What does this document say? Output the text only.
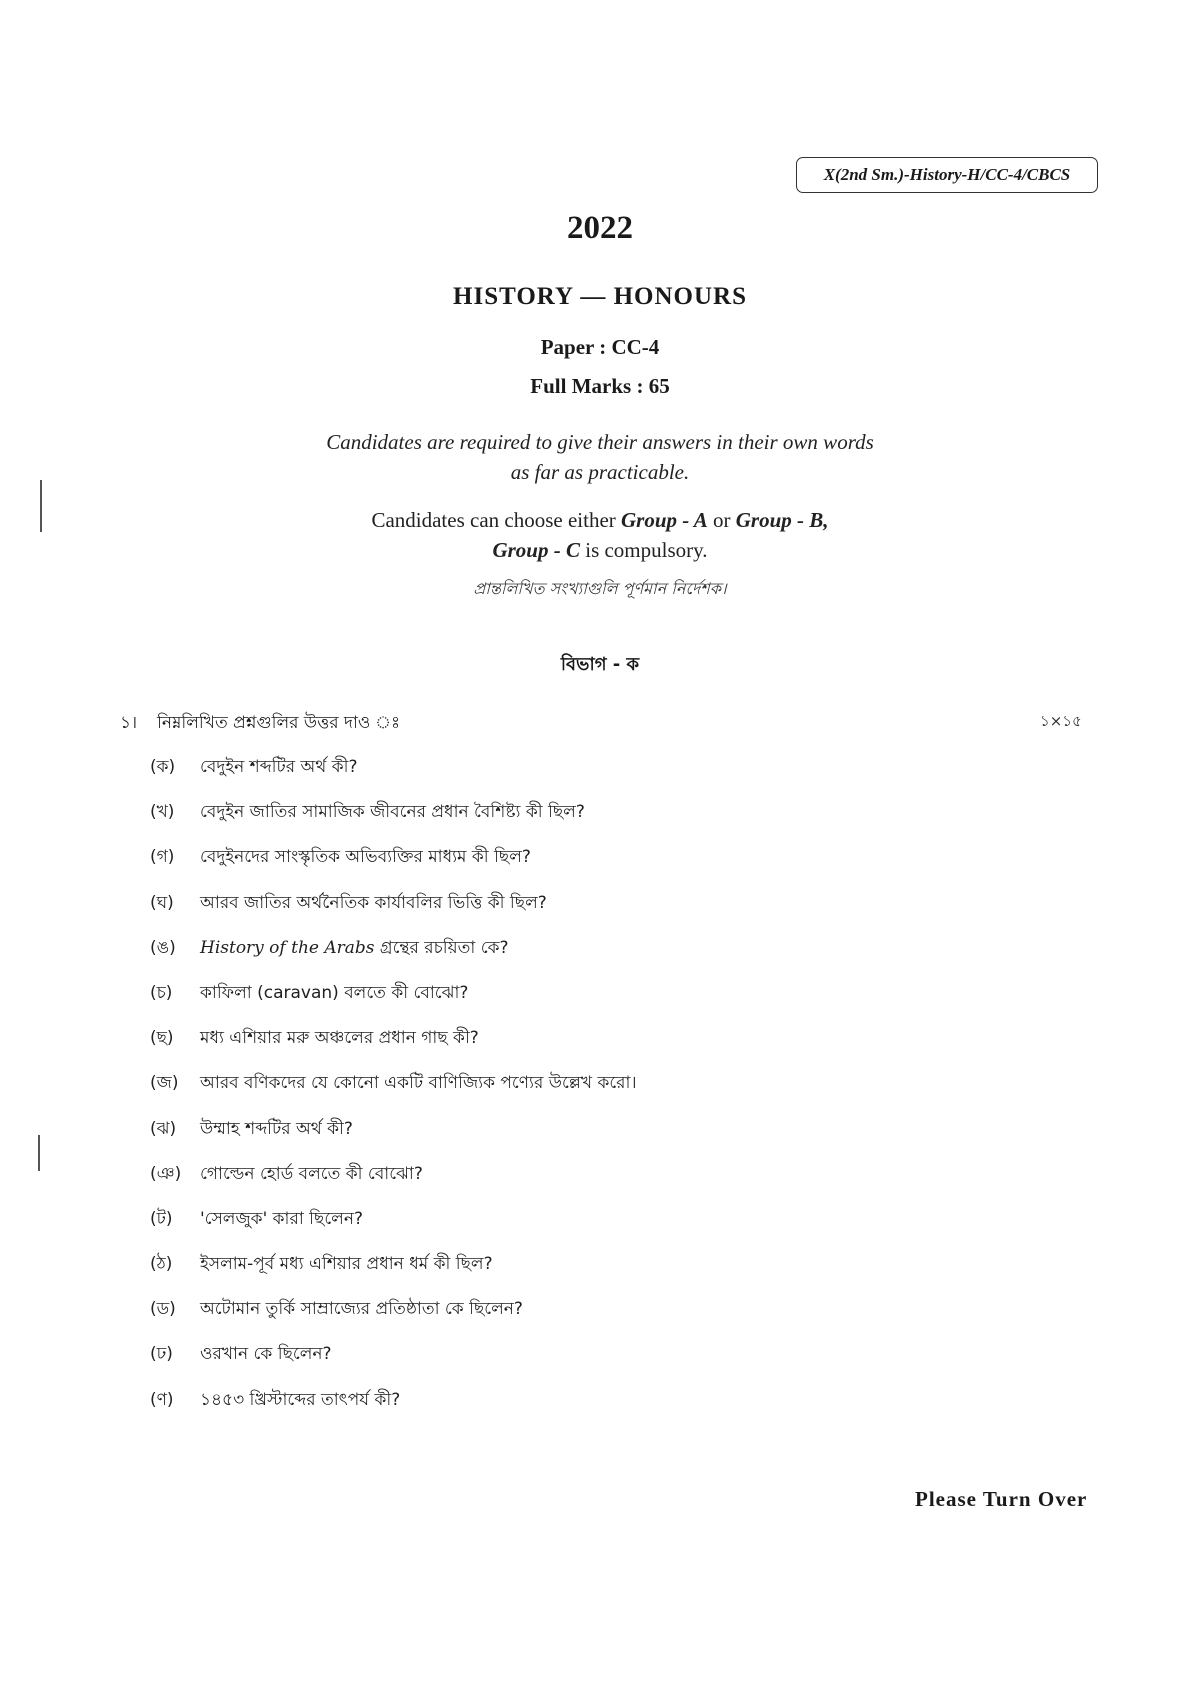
X(2nd Sm.)-History-H/CC-4/CBCS
2022
HISTORY — HONOURS
Paper : CC-4
Full Marks : 65
Candidates are required to give their answers in their own words
as far as practicable.
Candidates can choose either Group - A or Group - B,
Group - C is compulsory.
প্রান্তলিখিত সংখ্যাগুলি পূর্ণমান নির্দেশক।
বিভাগ - ক
১। নিম্নলিখিত প্রশ্নগুলির উত্তর দাও ঃ	১×১৫
(ক)	বেদুইন শব্দটির অর্থ কী?
(খ)	বেদুইন জাতির সামাজিক জীবনের প্রধান বৈশিষ্ট্য কী ছিল?
(গ)	বেদুইনদের সাংস্কৃতিক অভিব্যক্তির মাধ্যম কী ছিল?
(ঘ)	আরব জাতির অর্থনৈতিক কার্যাবলির ভিত্তি কী ছিল?
(ঙ)	History of the Arabs গ্রন্থের রচয়িতা কে?
(চ)	কাফিলা (caravan) বলতে কী বোঝো?
(ছ)	মধ্য এশিয়ার মরু অঞ্চলের প্রধান গাছ কী?
(জ)	আরব বণিকদের যে কোনো একটি বাণিজ্যিক পণ্যের উল্লেখ করো।
(ঝ)	উম্মাহ শব্দটির অর্থ কী?
(ঞ)	গোল্ডেন হোর্ড বলতে কী বোঝো?
(ট)	'সেলজুক' কারা ছিলেন?
(ঠ)	ইসলাম-পূর্ব মধ্য এশিয়ার প্রধান ধর্ম কী ছিল?
(ড)	অটোমান তুর্কি সাম্রাজ্যের প্রতিষ্ঠাতা কে ছিলেন?
(ঢ)	ওরখান কে ছিলেন?
(ণ)	১৪৫৩ খ্রিস্টাব্দের তাৎপর্য কী?
Please Turn Over
